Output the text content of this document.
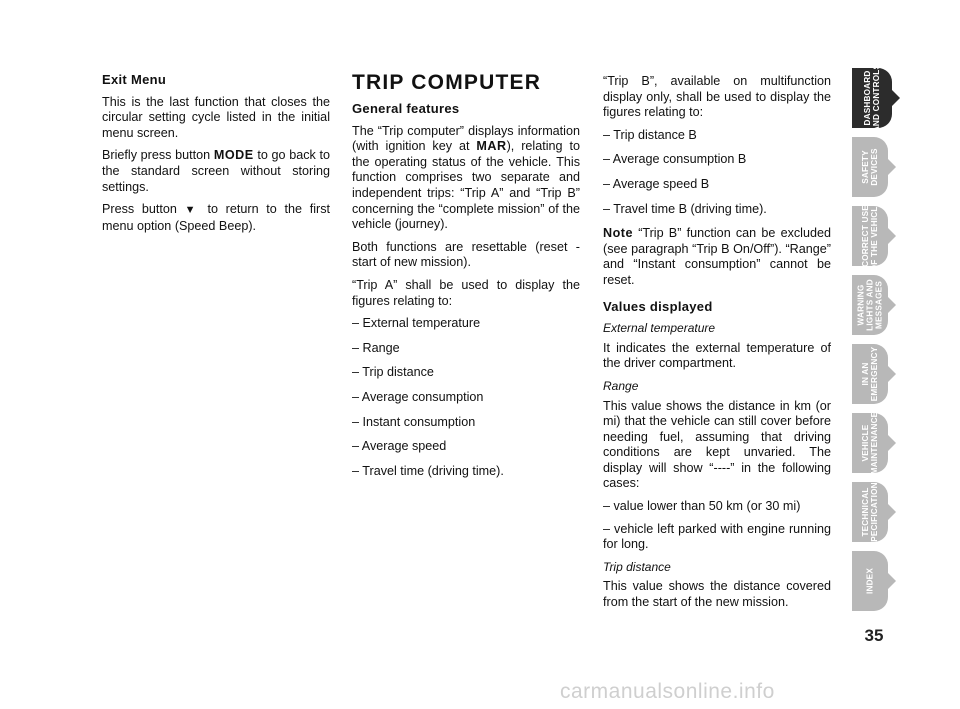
Exit Menu

This is the last function that closes the circular setting cycle listed in the initial menu screen.

Briefly press button MODE to go back to the standard screen without storing settings.

Press button ▼ to return to the first menu option (Speed Beep).

TRIP COMPUTER

General features

The “Trip computer” displays information (with ignition key at MAR), relating to the operating status of the vehicle. This function comprises two separate and independent trips: “Trip A” and “Trip B” concerning the “complete mission” of the vehicle (journey).

Both functions are resettable (reset - start of new mission).

“Trip A” shall be used to display the figures relating to:

– External temperature

– Range

– Trip distance

– Average consumption

– Instant consumption

– Average speed

– Travel time (driving time).

“Trip B”, available on multifunction display only, shall be used to display the figures relating to:

– Trip distance B

– Average consumption B

– Average speed B

– Travel time B (driving time).

Note “Trip B” function can be excluded (see paragraph “Trip B On/Off”). “Range” and “Instant consumption” cannot be reset.

Values displayed

External temperature

It indicates the external temperature of the driver compartment.

Range

This value shows the distance in km (or mi) that the vehicle can still cover before needing fuel, assuming that driving conditions are kept unvaried. The display will show “----” in the following cases:

– value lower than 50 km (or 30 mi)

– vehicle left parked with engine running for long.

Trip distance

This value shows the distance covered from the start of the new mission.

DASHBOARD AND CONTROLS
SAFETY DEVICES
CORRECT USE OF THE VEHICLE
WARNING LIGHTS AND MESSAGES
IN AN EMERGENCY
VEHICLE MAINTENANCE
TECHNICAL SPECIFICATIONS
INDEX
35
carmanualsonline.info
